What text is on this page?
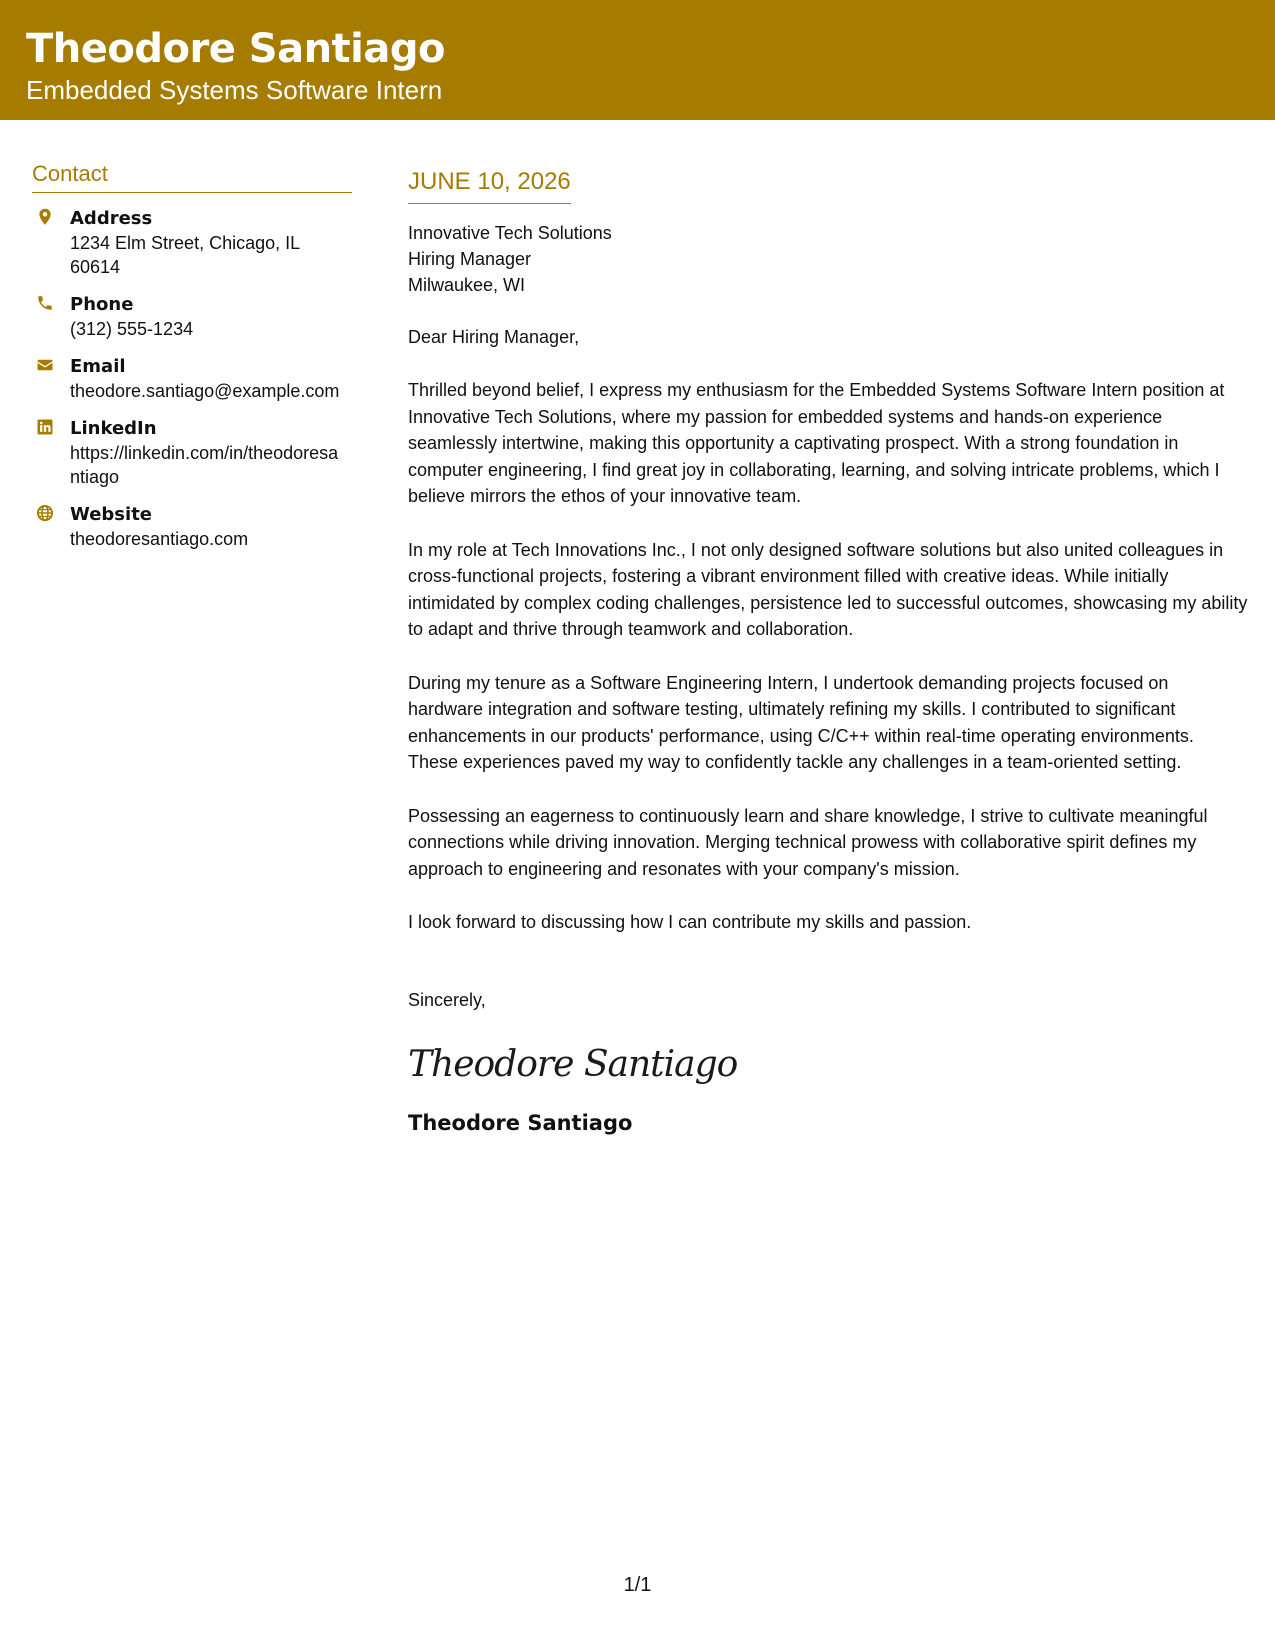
Theodore Santiago
Embedded Systems Software Intern
Contact
Address
1234 Elm Street, Chicago, IL 60614
Phone
(312) 555-1234
Email
theodore.santiago@example.com
LinkedIn
https://linkedin.com/in/theodoresantiago
Website
theodoresantiago.com
JUNE 10, 2026
Innovative Tech Solutions
Hiring Manager
Milwaukee, WI
Dear Hiring Manager,
Thrilled beyond belief, I express my enthusiasm for the Embedded Systems Software Intern position at Innovative Tech Solutions, where my passion for embedded systems and hands-on experience seamlessly intertwine, making this opportunity a captivating prospect. With a strong foundation in computer engineering, I find great joy in collaborating, learning, and solving intricate problems, which I believe mirrors the ethos of your innovative team.
In my role at Tech Innovations Inc., I not only designed software solutions but also united colleagues in cross-functional projects, fostering a vibrant environment filled with creative ideas. While initially intimidated by complex coding challenges, persistence led to successful outcomes, showcasing my ability to adapt and thrive through teamwork and collaboration.
During my tenure as a Software Engineering Intern, I undertook demanding projects focused on hardware integration and software testing, ultimately refining my skills. I contributed to significant enhancements in our products' performance, using C/C++ within real-time operating environments. These experiences paved my way to confidently tackle any challenges in a team-oriented setting.
Possessing an eagerness to continuously learn and share knowledge, I strive to cultivate meaningful connections while driving innovation. Merging technical prowess with collaborative spirit defines my approach to engineering and resonates with your company's mission.
I look forward to discussing how I can contribute my skills and passion.
Sincerely,
Theodore Santiago
Theodore Santiago
1/1
